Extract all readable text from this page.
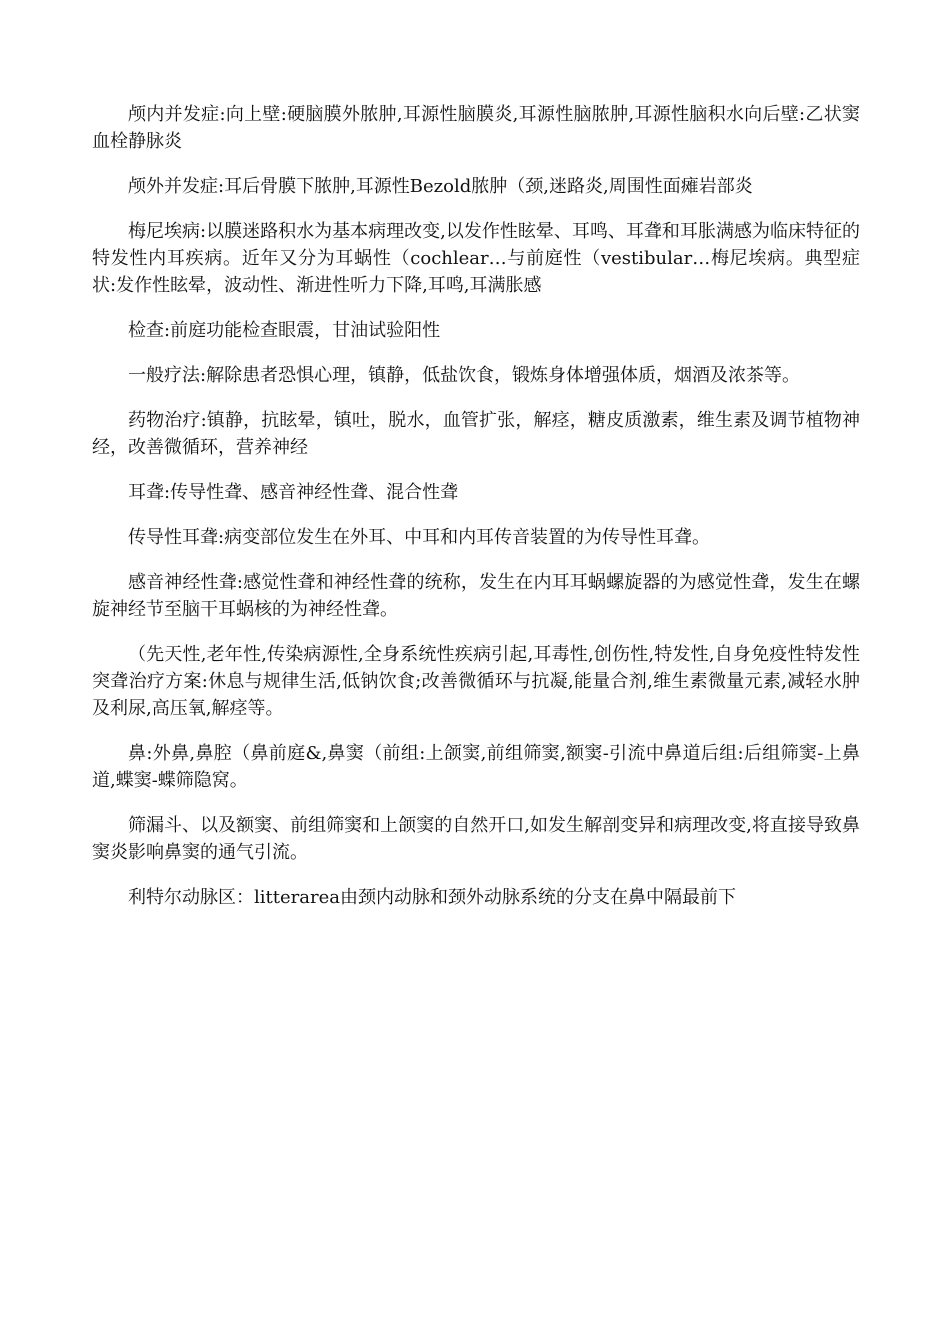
颅内并发症:向上壁:硬脑膜外脓肿,耳源性脑膜炎,耳源性脑脓肿,耳源性脑积水向后壁:乙状窦血栓静脉炎

颅外并发症:耳后骨膜下脓肿,耳源性Bezold脓肿（颈,迷路炎,周围性面瘫岩部炎

梅尼埃病:以膜迷路积水为基本病理改变,以发作性眩晕、耳鸣、耳聋和耳胀满感为临床特征的特发性内耳疾病。近年又分为耳蜗性（cochlear…与前庭性（vestibular…梅尼埃病。典型症状:发作性眩晕，波动性、渐进性听力下降,耳鸣,耳满胀感

检查:前庭功能检查眼震，甘油试验阳性

一般疗法:解除患者恐惧心理，镇静，低盐饮食，锻炼身体增强体质，烟酒及浓茶等。

药物治疗:镇静，抗眩晕，镇吐，脱水，血管扩张，解痉，糖皮质激素，维生素及调节植物神经，改善微循环，营养神经

耳聋:传导性聋、感音神经性聋、混合性聋

传导性耳聋:病变部位发生在外耳、中耳和内耳传音装置的为传导性耳聋。

感音神经性聋:感觉性聋和神经性聋的统称，发生在内耳耳蜗螺旋器的为感觉性聋，发生在螺旋神经节至脑干耳蜗核的为神经性聋。

（先天性,老年性,传染病源性,全身系统性疾病引起,耳毒性,创伤性,特发性,自身免疫性特发性突聋治疗方案:休息与规律生活,低钠饮食;改善微循环与抗凝,能量合剂,维生素微量元素,减轻水肿及利尿,高压氧,解痉等。

鼻:外鼻,鼻腔（鼻前庭&,鼻窦（前组:上颌窦,前组筛窦,额窦-引流中鼻道后组:后组筛窦-上鼻道,蝶窦-蝶筛隐窝。

筛漏斗、以及额窦、前组筛窦和上颌窦的自然开口,如发生解剖变异和病理改变,将直接导致鼻窦炎影响鼻窦的通气引流。

利特尔动脉区：litterarea由颈内动脉和颈外动脉系统的分支在鼻中隔最前下
